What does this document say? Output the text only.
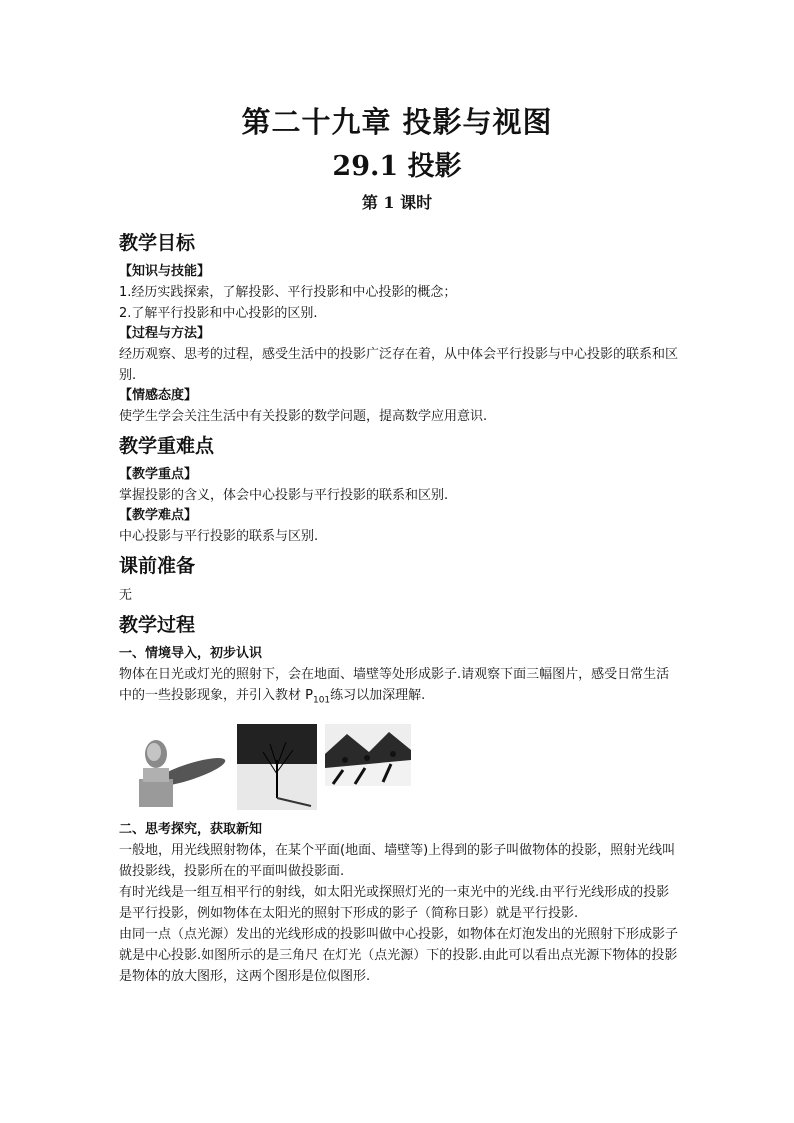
第二十九章 投影与视图
29.1 投影
第 1 课时

教学目标

【知识与技能】

1.经历实践探索，了解投影、平行投影和中心投影的概念；

2.了解平行投影和中心投影的区别.

【过程与方法】

经历观察、思考的过程，感受生活中的投影广泛存在着，从中体会平行投影与中心投影的联系和区别.

【情感态度】

使学生学会关注生活中有关投影的数学问题，提高数学应用意识.

教学重难点

【教学重点】

掌握投影的含义，体会中心投影与平行投影的联系和区别.

【教学难点】

中心投影与平行投影的联系与区别.

课前准备

无

教学过程

一、情境导入，初步认识

物体在日光或灯光的照射下，会在地面、墙壁等处形成影子.请观察下面三幅图片，感受日常生活中的一些投影现象，并引入教材 $P_{101}$练习以加深理解.

二、思考探究，获取新知

一般地，用光线照射物体，在某个平面(地面、墙壁等)上得到的影子叫做物体的投影，照射光线叫做投影线，投影所在的平面叫做投影面.

有时光线是一组互相平行的射线，如太阳光或探照灯光的一束光中的光线.由平行光线形成的投影是平行投影，例如物体在太阳光的照射下形成的影子（简称日影）就是平行投影.

由同一点（点光源）发出的光线形成的投影叫做中心投影，如物体在灯泡发出的光照射下形成影子就是中心投影.如图所示的是三角尺 在灯光（点光源）下的投影.由此可以看出点光源下物体的投影是物体的放大图形，这两个图形是位似图形.
